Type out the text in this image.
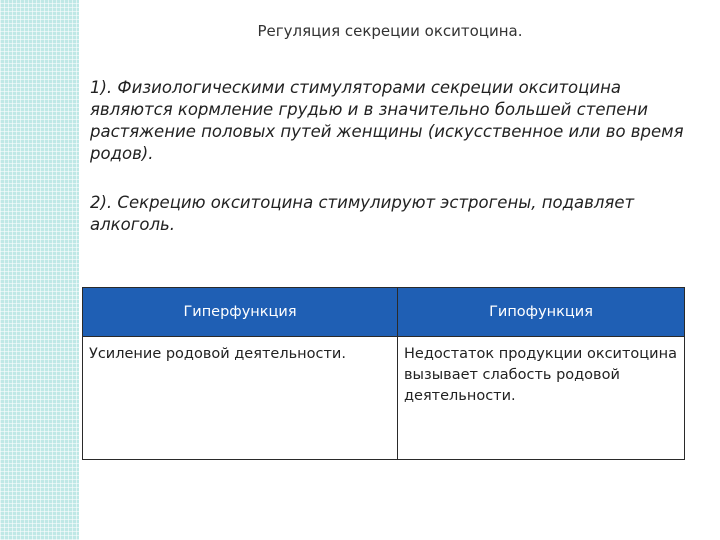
Регуляция секреции окситоцина.
1). Физиологическими стимуляторами секреции окситоцина являются кормление грудью и в значительно большей степени растяжение половых путей женщины (искусственное или во время родов).
2). Секрецию окситоцина стимулируют эстрогены, подавляет алкоголь.
Гиперфункция	Гипофункция
Усиление родовой деятельности.	Недостаток продукции окситоцина вызывает слабость родовой деятельности.
